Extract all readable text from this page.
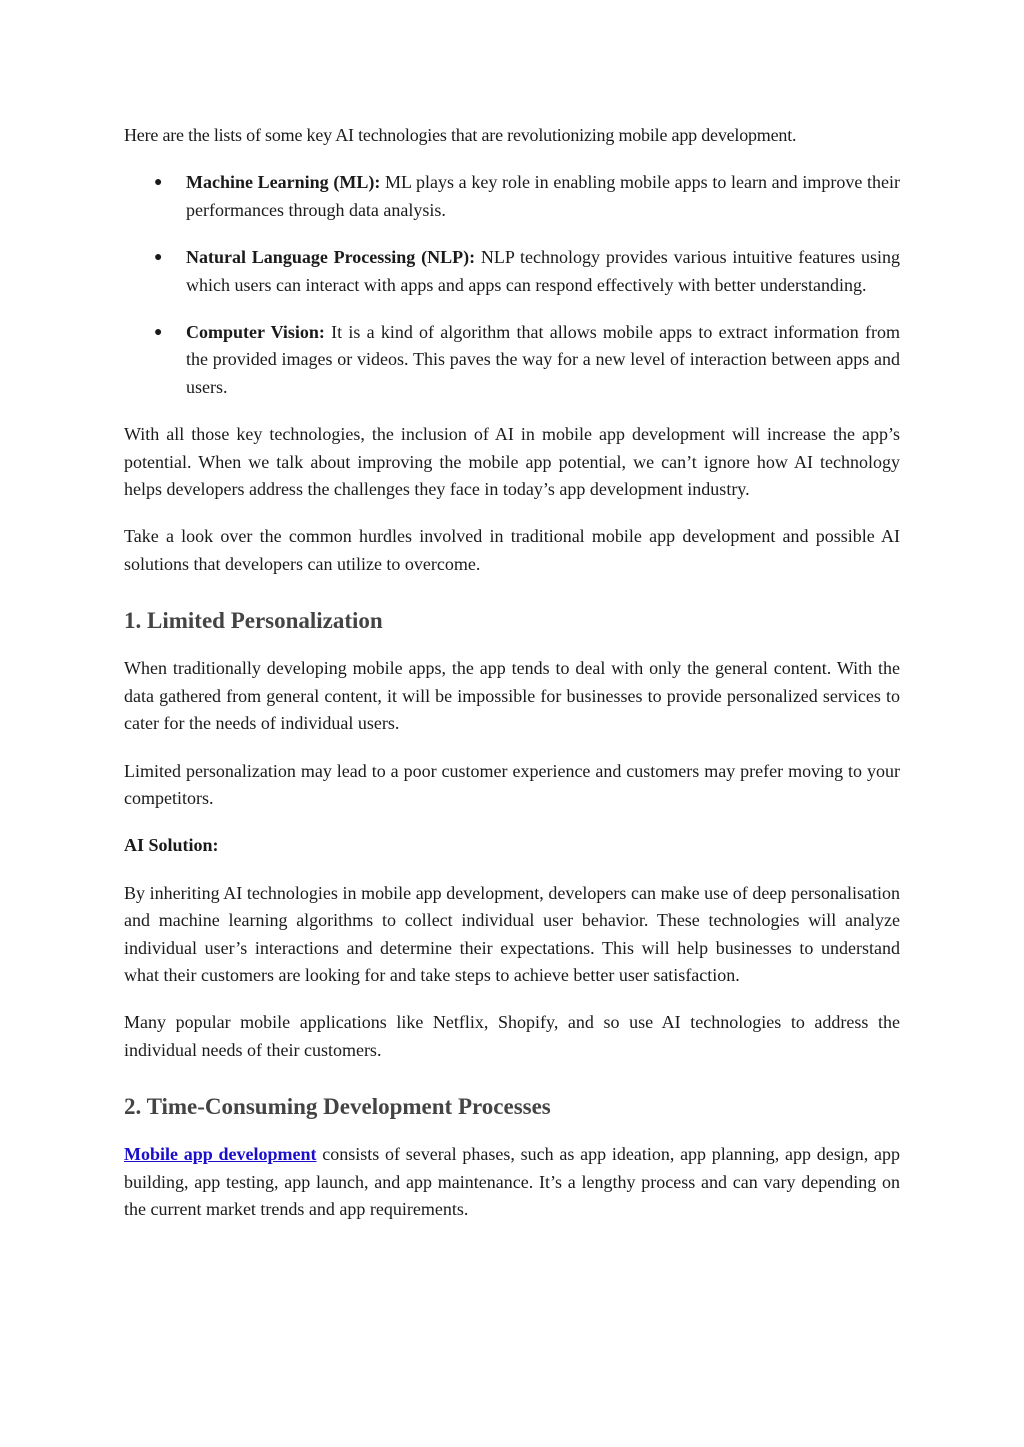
Here are the lists of some key AI technologies that are revolutionizing mobile app development.

● Machine Learning (ML): ML plays a key role in enabling mobile apps to learn and improve their performances through data analysis.
● Natural Language Processing (NLP): NLP technology provides various intuitive features using which users can interact with apps and apps can respond effectively with better understanding.
● Computer Vision: It is a kind of algorithm that allows mobile apps to extract information from the provided images or videos. This paves the way for a new level of interaction between apps and users.

With all those key technologies, the inclusion of AI in mobile app development will increase the app’s potential. When we talk about improving the mobile app potential, we can’t ignore how AI technology helps developers address the challenges they face in today’s app development industry.

Take a look over the common hurdles involved in traditional mobile app development and possible AI solutions that developers can utilize to overcome.

1. Limited Personalization

When traditionally developing mobile apps, the app tends to deal with only the general content. With the data gathered from general content, it will be impossible for businesses to provide personalized services to cater for the needs of individual users.

Limited personalization may lead to a poor customer experience and customers may prefer moving to your competitors.

AI Solution:

By inheriting AI technologies in mobile app development, developers can make use of deep personalisation and machine learning algorithms to collect individual user behavior. These technologies will analyze individual user’s interactions and determine their expectations. This will help businesses to understand what their customers are looking for and take steps to achieve better user satisfaction.

Many popular mobile applications like Netflix, Shopify, and so use AI technologies to address the individual needs of their customers.

2. Time-Consuming Development Processes

Mobile app development consists of several phases, such as app ideation, app planning, app design, app building, app testing, app launch, and app maintenance. It’s a lengthy process and can vary depending on the current market trends and app requirements.
